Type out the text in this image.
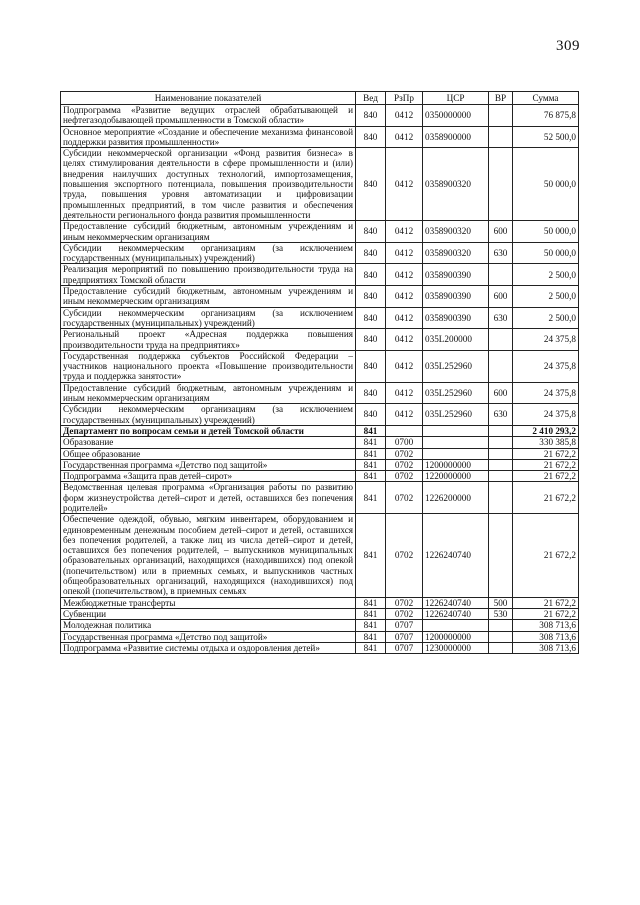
309
Наименование показателей	Вед	РзПр	ЦСР	ВР	Сумма
Подпрограмма «Развитие ведущих отраслей обрабатывающей и нефтегазодобывающей промышленности в Томской области»	840	0412	0350000000		76 875,8
Основное мероприятие «Создание и обеспечение механизма финансовой поддержки развития промышленности»	840	0412	0358900000		52 500,0
Субсидии некоммерческой организации «Фонд развития бизнеса» в целях стимулирования деятельности в сфере промышленности и (или) внедрения наилучших доступных технологий, импортозамещения, повышения экспортного потенциала, повышения производительности труда, повышения уровня автоматизации и цифровизации промышленных предприятий, в том числе развития и обеспечения деятельности регионального фонда развития промышленности	840	0412	0358900320		50 000,0
Предоставление субсидий бюджетным, автономным учреждениям и иным некоммерческим организациям	840	0412	0358900320	600	50 000,0
Субсидии некоммерческим организациям (за исключением государственных (муниципальных) учреждений)	840	0412	0358900320	630	50 000,0
Реализация мероприятий по повышению производительности труда на предприятиях Томской области	840	0412	0358900390		2 500,0
Предоставление субсидий бюджетным, автономным учреждениям и иным некоммерческим организациям	840	0412	0358900390	600	2 500,0
Субсидии некоммерческим организациям (за исключением государственных (муниципальных) учреждений)	840	0412	0358900390	630	2 500,0
Региональный проект «Адресная поддержка повышения производительности труда на предприятиях»	840	0412	035L200000		24 375,8
Государственная поддержка субъектов Российской Федерации – участников национального проекта «Повышение производительности труда и поддержка занятости»	840	0412	035L252960		24 375,8
Предоставление субсидий бюджетным, автономным учреждениям и иным некоммерческим организациям	840	0412	035L252960	600	24 375,8
Субсидии некоммерческим организациям (за исключением государственных (муниципальных) учреждений)	840	0412	035L252960	630	24 375,8
Департамент по вопросам семьи и детей Томской области	841				2 410 293,2
Образование	841	0700			330 385,8
Общее образование	841	0702			21 672,2
Государственная программа «Детство под защитой»	841	0702	1200000000		21 672,2
Подпрограмма «Защита прав детей–сирот»	841	0702	1220000000		21 672,2
Ведомственная целевая программа «Организация работы по развитию форм жизнеустройства детей–сирот и детей, оставшихся без попечения родителей»	841	0702	1226200000		21 672,2
Обеспечение одеждой, обувью, мягким инвентарем, оборудованием и единовременным денежным пособием детей–сирот и детей, оставшихся без попечения родителей, а также лиц из числа детей–сирот и детей, оставшихся без попечения родителей, – выпускников муниципальных образовательных организаций, находящихся (находившихся) под опекой (попечительством) или в приемных семьях, и выпускников частных общеобразовательных организаций, находящихся (находившихся) под опекой (попечительством), в приемных семьях	841	0702	1226240740		21 672,2
Межбюджетные трансферты	841	0702	1226240740	500	21 672,2
Субвенции	841	0702	1226240740	530	21 672,2
Молодежная политика	841	0707			308 713,6
Государственная программа «Детство под защитой»	841	0707	1200000000		308 713,6
Подпрограмма «Развитие системы отдыха и оздоровления детей»	841	0707	1230000000		308 713,6
